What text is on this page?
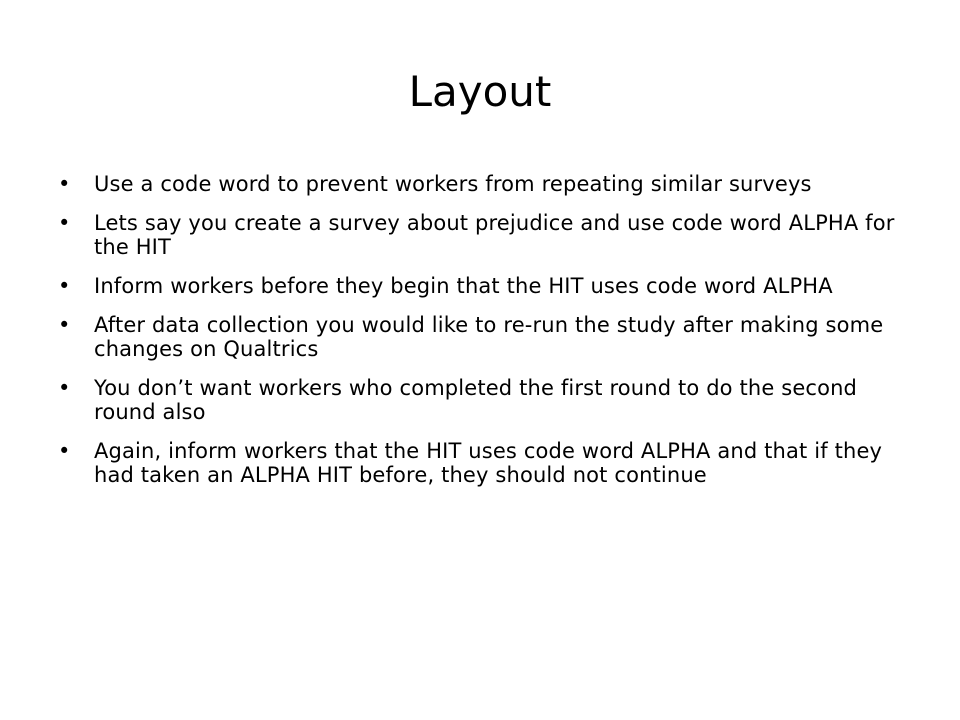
Layout
• Use a code word to prevent workers from repeating similar surveys
• Lets say you create a survey about prejudice and use code word ALPHA for the HIT
• Inform workers before they begin that the HIT uses code word ALPHA
• After data collection you would like to re-run the study after making some changes on Qualtrics
• You don’t want workers who completed the first round to do the second round also
• Again, inform workers that the HIT uses code word ALPHA and that if they had taken an ALPHA HIT before, they should not continue
